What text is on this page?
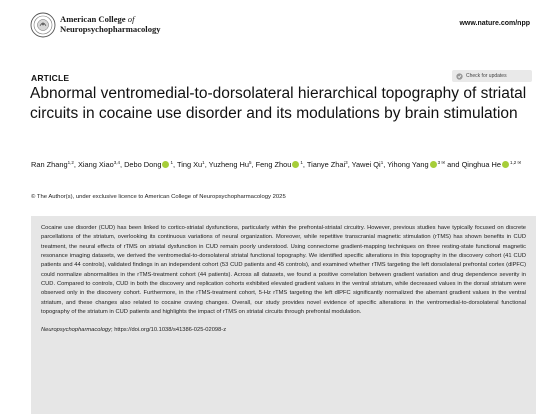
American College of
Neuropsychopharmacology
www.nature.com/npp
ARTICLE	Check for updates
Abnormal ventromedial-to-dorsolateral hierarchical topography of striatal circuits in cocaine use disorder and its modulations by brain stimulation
Ran Zhang$^{1,2}$, Xiang Xiao$^{3,4}$, Debo Dong $^1$, Ting Xu$^1$, Yuzheng Hu$^5$, Feng Zhou $^1$, Tianye Zhai$^3$, Yawei Qi$^1$, Yihong Yang $^{3 ✉}$ and Qinghua He $^{1,2 ✉}$
© The Author(s), under exclusive licence to American College of Neuropsychopharmacology 2025

Cocaine use disorder (CUD) has been linked to cortico-striatal dysfunctions, particularly within the prefrontal-striatal circuitry. However, previous studies have typically focused on discrete parcellations of the striatum, overlooking its continuous variations of neural organization. Moreover, while repetitive transcranial magnetic stimulation (rTMS) has shown benefits in CUD treatment, the neural effects of rTMS on striatal dysfunction in CUD remain poorly understood. Using connectome gradient-mapping techniques on three resting-state functional magnetic resonance imaging datasets, we derived the ventromedial-to-dorsolateral striatal functional topography. We identified specific alterations in this topography in the discovery cohort (41 CUD patients and 44 controls), validated findings in an independent cohort (53 CUD patients and 45 controls), and examined whether rTMS targeting the left dorsolateral prefrontal cortex (dlPFC) could normalize abnormalities in the rTMS-treatment cohort (44 patients). Across all datasets, we found a positive correlation between gradient variation and drug dependence severity in CUD. Compared to controls, CUD in both the discovery and replication cohorts exhibited elevated gradient values in the ventral striatum, while decreased values in the dorsal striatum were observed only in the discovery cohort. Furthermore, in the rTMS-treatment cohort, 5-Hz rTMS targeting the left dlPFC significantly normalized the aberrant gradient values in the ventral striatum, and these changes also related to cocaine craving changes. Overall, our study provides novel evidence of specific alterations in the ventromedial-to-dorsolateral functional topography of the striatum in CUD patients and highlights the impact of rTMS on striatal circuits through prefrontal modulation.

Neuropsychopharmacology; https://doi.org/10.1038/s41386-025-02098-z
